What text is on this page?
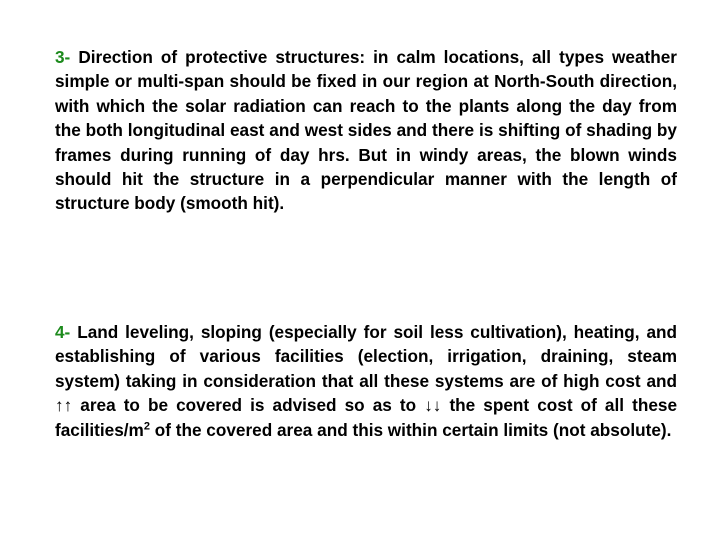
3- Direction of protective structures: in calm locations, all types weather simple or multi-span should be fixed in our region at North-South direction, with which the solar radiation can reach to the plants along the day from the both longitudinal east and west sides and there is shifting of shading by frames during running of day hrs. But in windy areas, the blown winds should hit the structure in a perpendicular manner with the length of structure body (smooth hit).

4- Land leveling, sloping (especially for soil less cultivation), heating, and establishing of various facilities (election, irrigation, draining, steam system) taking in consideration that all these systems are of high cost and ↑↑ area to be covered is advised so as to ↓↓ the spent cost of all these facilities/$m^2$ of the covered area and this within certain limits (not absolute).
